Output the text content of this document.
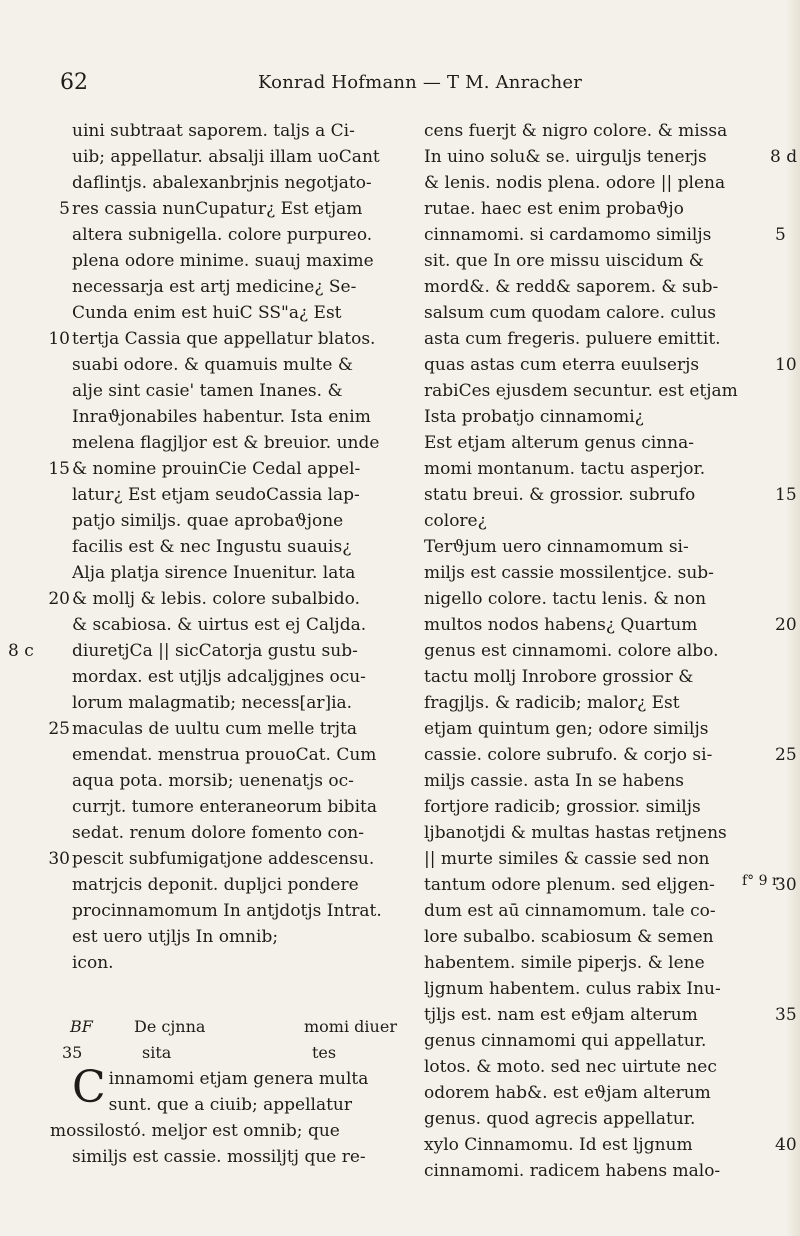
62	Konrad Hofmann — T M. Anracher
uini subtraat saporem. taljs a Ci-
uib; appellatur. absalji illam uoCant
daflintjs. abalexanbrjnis negotjato-
res cassia nunCupatur¿ Est etjam
altera subnigella. colore purpureo.
plena odore minime. suauj maxime
necessarja est artj medicine¿ Se-
Cunda enim est huiC SS"a¿ Est
tertja Cassia que appellatur blatos.
suabi odore. & quamuis multe &
alje sint casie' tamen Inanes. &
Inraϑjonabiles habentur. Ista enim
melena flagjljor est & breuior. unde
& nomine prouinCie Cedal appel-
latur¿ Est etjam seudoCassia lap-
patjo similjs. quae aprobaϑjone
facilis est & nec Ingustu suauis¿
Alja platja sirence Inuenitur. lata
& mollj & lebis. colore subalbido.
& scabiosa. & uirtus est ej Caljda.
diuretjCa || sicCatorja gustu sub-
mordax. est utjljs adcaljgjnes ocu-
lorum malagmatib; necess[ar]ia.
maculas de uultu cum melle trjta
emendat. menstrua prouoCat. Cum
aqua pota. morsib; uenenatjs oc-
currjt. tumore enteraneorum bibita
sedat. renum dolore fomento con-
pescit subfumigatjone addescensu.
matrjcis deponit. dupljci pondere
procinnamomum In antjdotjs Intrat.
est uero utjljs In omnib;
icon.
BF
35
De cjnna
sita
momi diuer
tes
C innamomi etjam genera multa
sunt. que a ciuib; appellatur
mossilostό. meljor est omnib; que
similjs est cassie. mossiljtj que re-
cens fuerjt & nigro colore. & missa
In uino solu& se. uirguljs tenerjs
& lenis. nodis plena. odore || plena
rutae. haec est enim probaϑjo
cinnamomi. si cardamomo similjs
sit. que In ore missu uiscidum &
mord&. & redd& saporem. & sub-
salsum cum quodam calore. culus
asta cum fregeris. puluere emittit.
quas astas cum eterra euulserjs
rabiCes ejusdem secuntur. est etjam
Ista probatjo cinnamomi¿
Est etjam alterum genus cinna-
momi montanum. tactu asperjor.
statu breui. & grossior. subrufo
colore¿
Terϑjum uero cinnamomum si-
miljs est cassie mossilentjce. sub-
nigello colore. tactu lenis. & non
multos nodos habens¿ Quartum
genus est cinnamomi. colore albo.
tactu mollj Inrobore grossior &
fragjljs. & radicib; malor¿ Est
etjam quintum gen; odore similjs
cassie. colore subrufo. & corjo si-
miljs cassie. asta In se habens
fortjore radicib; grossior. similjs
ljbanotjdi & multas hastas retjnens
|| murte similes & cassie sed non
tantum odore plenum. sed eljgen-
dum est aū cinnamomum. tale co-
lore subalbo. scabiosum & semen
habentem. simile piperjs. & lene
ljgnum habentem. culus rabix Inu-
tjljs est. nam est eϑjam alterum
genus cinnamomi qui appellatur.
lotos. & moto. sed nec uirtute nec
odorem hab&. est eϑjam alterum
genus. quod agrecis appellatur.
xylo Cinnamomu. Id est ljgnum
cinnamomi. radicem habens malo-
5
10
15
20
25
30
8 c
5
10
15
20
25
30
35
40
8 d
f° 9 r
